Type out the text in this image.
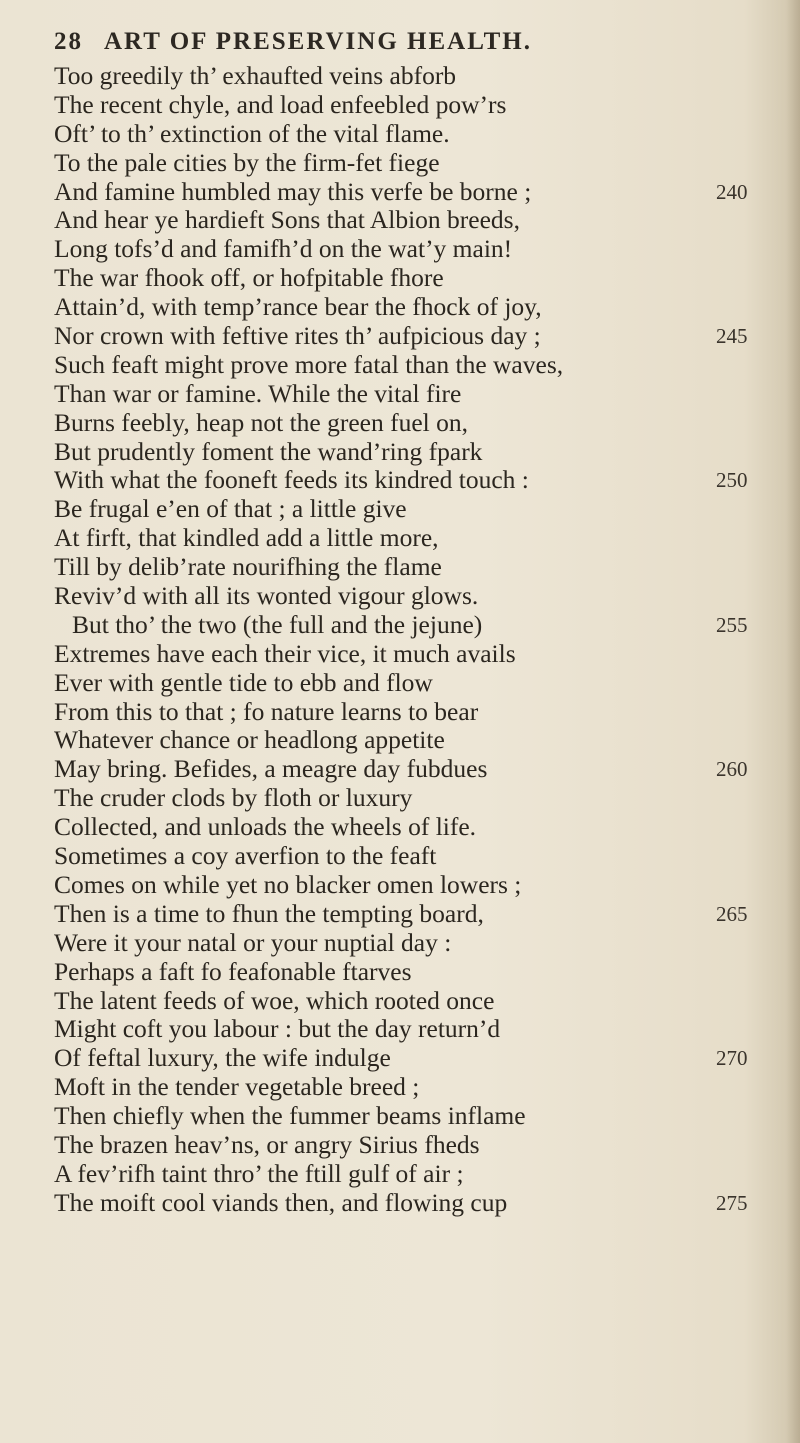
28 ART OF PRESERVING HEALTH.
Too greedily th’ exhaufted veins abforb
The recent chyle, and load enfeebled pow’rs
Oft’ to th’ extinction of the vital flame.
To the pale cities by the firm-fet fiege
And famine humbled may this verfe be borne ;	240
And hear ye hardieft Sons that Albion breeds,
Long tofs’d and famifh’d on the wat’y main!
The war fhook off, or hofpitable fhore
Attain’d, with temp’rance bear the fhock of joy,
Nor crown with feftive rites th’ aufpicious day ;	245
Such feaft might prove more fatal than the waves,
Than war or famine. While the vital fire
Burns feebly, heap not the green fuel on,
But prudently foment the wand’ring fpark
With what the fooneft feeds its kindred touch :	250
Be frugal e’en of that ; a little give
At firft, that kindled add a little more,
Till by delib’rate nourifhing the flame
Reviv’d with all its wonted vigour glows.
But tho’ the two (the full and the jejune)	255
Extremes have each their vice, it much avails
Ever with gentle tide to ebb and flow
From this to that ; fo nature learns to bear
Whatever chance or headlong appetite
May bring. Befides, a meagre day fubdues	260
The cruder clods by floth or luxury
Collected, and unloads the wheels of life.
Sometimes a coy averfion to the feaft
Comes on while yet no blacker omen lowers ;
Then is a time to fhun the tempting board,	265
Were it your natal or your nuptial day :
Perhaps a faft fo feafonable ftarves
The latent feeds of woe, which rooted once
Might coft you labour : but the day return’d
Of feftal luxury, the wife indulge	270
Moft in the tender vegetable breed ;
Then chiefly when the fummer beams inflame
The brazen heav’ns, or angry Sirius fheds
A fev’rifh taint thro’ the ftill gulf of air ;
The moift cool viands then, and flowing cup	275
